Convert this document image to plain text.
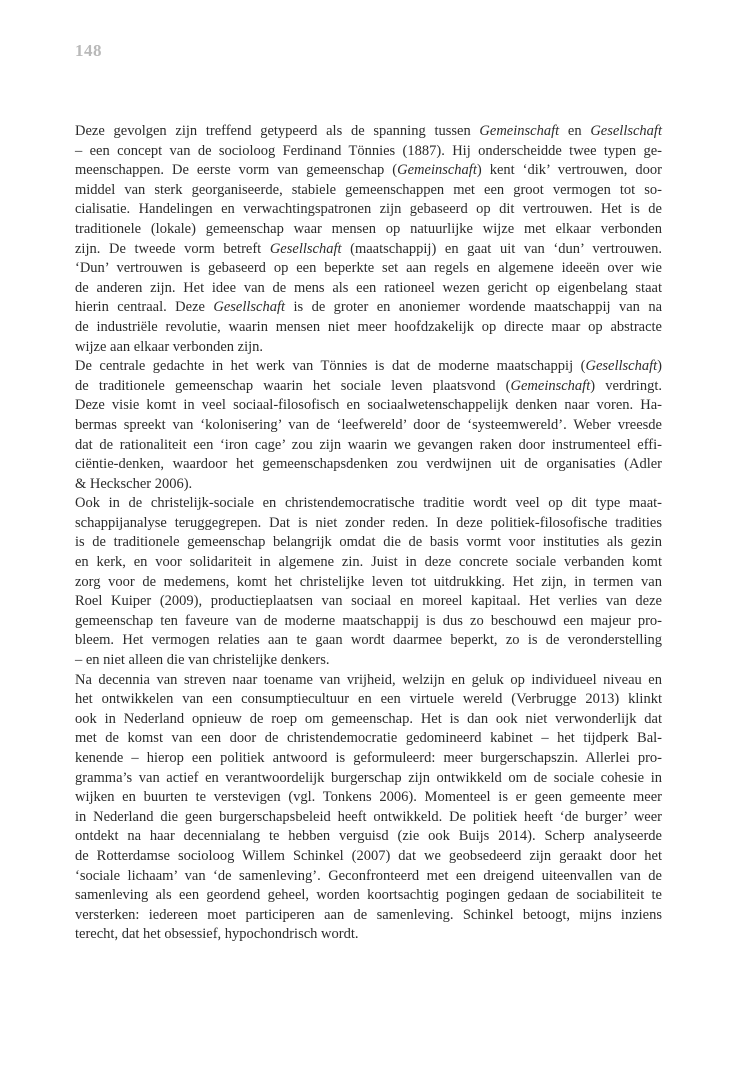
148
Deze gevolgen zijn treffend getypeerd als de spanning tussen Gemeinschaft en Gesellschaft
– een concept van de socioloog Ferdinand Tönnies (1887). Hij onderscheidde twee typen ge-
meenschappen. De eerste vorm van gemeenschap (Gemeinschaft) kent ‘dik’ vertrouwen, door
middel van sterk georganiseerde, stabiele gemeenschappen met een groot vermogen tot so-
cialisatie. Handelingen en verwachtingspatronen zijn gebaseerd op dit vertrouwen. Het is de
traditionele (lokale) gemeenschap waar mensen op natuurlijke wijze met elkaar verbonden
zijn. De tweede vorm betreft Gesellschaft (maatschappij) en gaat uit van ‘dun’ vertrouwen.
‘Dun’ vertrouwen is gebaseerd op een beperkte set aan regels en algemene ideeën over wie
de anderen zijn. Het idee van de mens als een rationeel wezen gericht op eigenbelang staat
hierin centraal. Deze Gesellschaft is de groter en anoniemer wordende maatschappij van na
de industriële revolutie, waarin mensen niet meer hoofdzakelijk op directe maar op abstracte
wijze aan elkaar verbonden zijn.
De centrale gedachte in het werk van Tönnies is dat de moderne maatschappij (Gesellschaft)
de traditionele gemeenschap waarin het sociale leven plaatsvond (Gemeinschaft) verdringt.
Deze visie komt in veel sociaal-filosofisch en sociaalwetenschappelijk denken naar voren. Ha-
bermas spreekt van ‘kolonisering’ van de ‘leefwereld’ door de ‘systeemwereld’. Weber vreesde
dat de rationaliteit een ‘iron cage’ zou zijn waarin we gevangen raken door instrumenteel effi-
ciëntie-denken, waardoor het gemeenschapsdenken zou verdwijnen uit de organisaties (Adler
& Heckscher 2006).
Ook in de christelijk-sociale en christendemocratische traditie wordt veel op dit type maat-
schappijanalyse teruggegrepen. Dat is niet zonder reden. In deze politiek-filosofische tradities
is de traditionele gemeenschap belangrijk omdat die de basis vormt voor instituties als gezin
en kerk, en voor solidariteit in algemene zin. Juist in deze concrete sociale verbanden komt
zorg voor de medemens, komt het christelijke leven tot uitdrukking. Het zijn, in termen van
Roel Kuiper (2009), productieplaatsen van sociaal en moreel kapitaal. Het verlies van deze
gemeenschap ten faveure van de moderne maatschappij is dus zo beschouwd een majeur pro-
bleem. Het vermogen relaties aan te gaan wordt daarmee beperkt, zo is de veronderstelling
– en niet alleen die van christelijke denkers.
Na decennia van streven naar toename van vrijheid, welzijn en geluk op individueel niveau en
het ontwikkelen van een consumptiecultuur en een virtuele wereld (Verbrugge 2013) klinkt
ook in Nederland opnieuw de roep om gemeenschap. Het is dan ook niet verwonderlijk dat
met de komst van een door de christendemocratie gedomineerd kabinet – het tijdperk Bal-
kenende – hierop een politiek antwoord is geformuleerd: meer burgerschapszin. Allerlei pro-
gramma’s van actief en verantwoordelijk burgerschap zijn ontwikkeld om de sociale cohesie in
wijken en buurten te verstevigen (vgl. Tonkens 2006). Momenteel is er geen gemeente meer
in Nederland die geen burgerschapsbeleid heeft ontwikkeld. De politiek heeft ‘de burger’ weer
ontdekt na haar decennialang te hebben verguisd (zie ook Buijs 2014). Scherp analyseerde
de Rotterdamse socioloog Willem Schinkel (2007) dat we geobsedeerd zijn geraakt door het
‘sociale lichaam’ van ‘de samenleving’. Geconfronteerd met een dreigend uiteenvallen van de
samenleving als een geordend geheel, worden koortsachtig pogingen gedaan de sociabiliteit te
versterken: iedereen moet participeren aan de samenleving. Schinkel betoogt, mijns inziens
terecht, dat het obsessief, hypochondrisch wordt.
